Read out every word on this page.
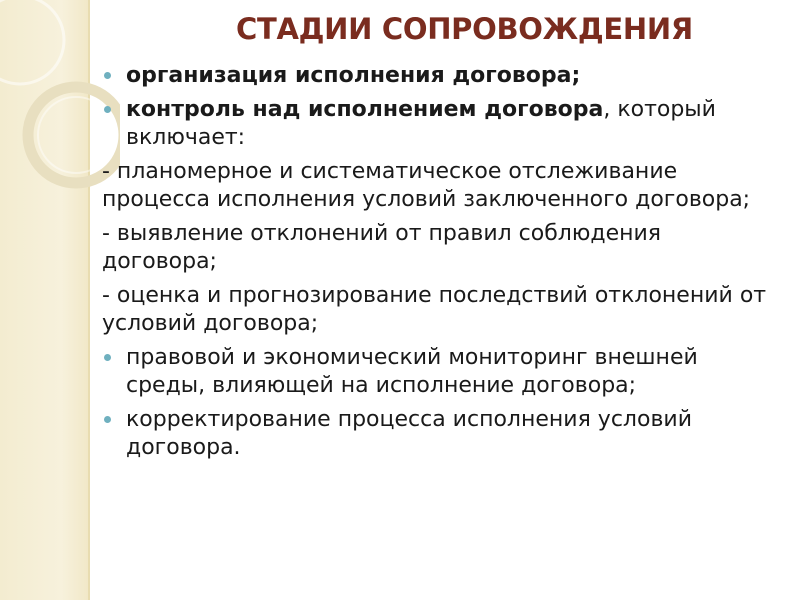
СТАДИИ СОПРОВОЖДЕНИЯ
организация исполнения договора;
контроль над исполнением договора, который включает:
- планомерное и систематическое отслеживание процесса исполнения условий заключенного договора;
- выявление отклонений от правил соблюдения договора;
- оценка и прогнозирование последствий отклонений от условий договора;
правовой и экономический мониторинг внешней среды, влияющей на исполнение договора;
корректирование процесса исполнения условий договора.
